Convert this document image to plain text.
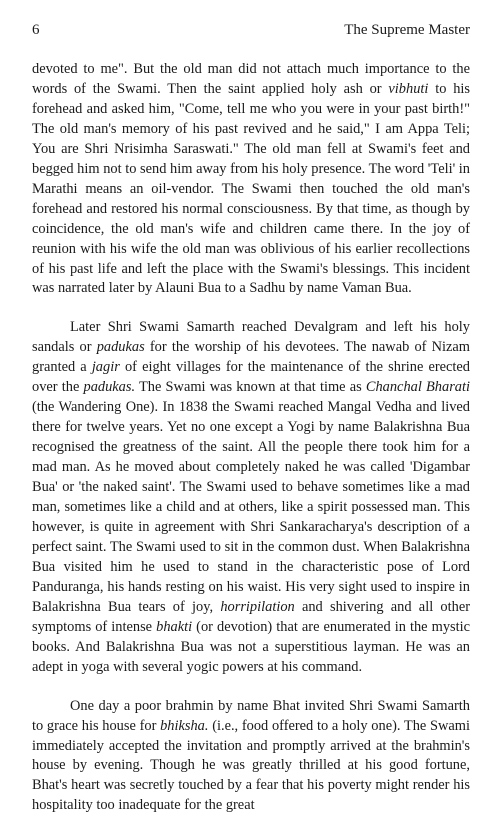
6	The Supreme Master

devoted to me". But the old man did not attach much importance to the words of the Swami. Then the saint applied holy ash or vibhuti to his forehead and asked him, "Come, tell me who you were in your past birth!" The old man's memory of his past revived and he said," I am Appa Teli; You are Shri Nrisimha Saraswati." The old man fell at Swami's feet and begged him not to send him away from his holy presence. The word 'Teli' in Marathi means an oil-vendor. The Swami then touched the old man's forehead and restored his normal consciousness. By that time, as though by coincidence, the old man's wife and children came there. In the joy of reunion with his wife the old man was oblivious of his earlier recollections of his past life and left the place with the Swami's blessings. This incident was narrated later by Alauni Bua to a Sadhu by name Vaman Bua.

Later Shri Swami Samarth reached Devalgram and left his holy sandals or padukas for the worship of his devotees. The nawab of Nizam granted a jagir of eight villages for the maintenance of the shrine erected over the padukas. The Swami was known at that time as Chanchal Bharati (the Wandering One). In 1838 the Swami reached Mangal Vedha and lived there for twelve years. Yet no one except a Yogi by name Balakrishna Bua recognised the greatness of the saint. All the people there took him for a mad man. As he moved about completely naked he was called 'Digambar Bua' or 'the naked saint'. The Swami used to behave sometimes like a mad man, sometimes like a child and at others, like a spirit possessed man. This however, is quite in agreement with Shri Sankaracharya's description of a perfect saint. The Swami used to sit in the common dust. When Balakrishna Bua visited him he used to stand in the characteristic pose of Lord Panduranga, his hands resting on his waist. His very sight used to inspire in Balakrishna Bua tears of joy, horripilation and shivering and all other symptoms of intense bhakti (or devotion) that are enumerated in the mystic books. And Balakrishna Bua was not a superstitious layman. He was an adept in yoga with several yogic powers at his command.

One day a poor brahmin by name Bhat invited Shri Swami Samarth to grace his house for bhiksha. (i.e., food offered to a holy one). The Swami immediately accepted the invitation and promptly arrived at the brahmin's house by evening. Though he was greatly thrilled at his good fortune, Bhat's heart was secretly touched by a fear that his poverty might render his hospitality too inadequate for the great
